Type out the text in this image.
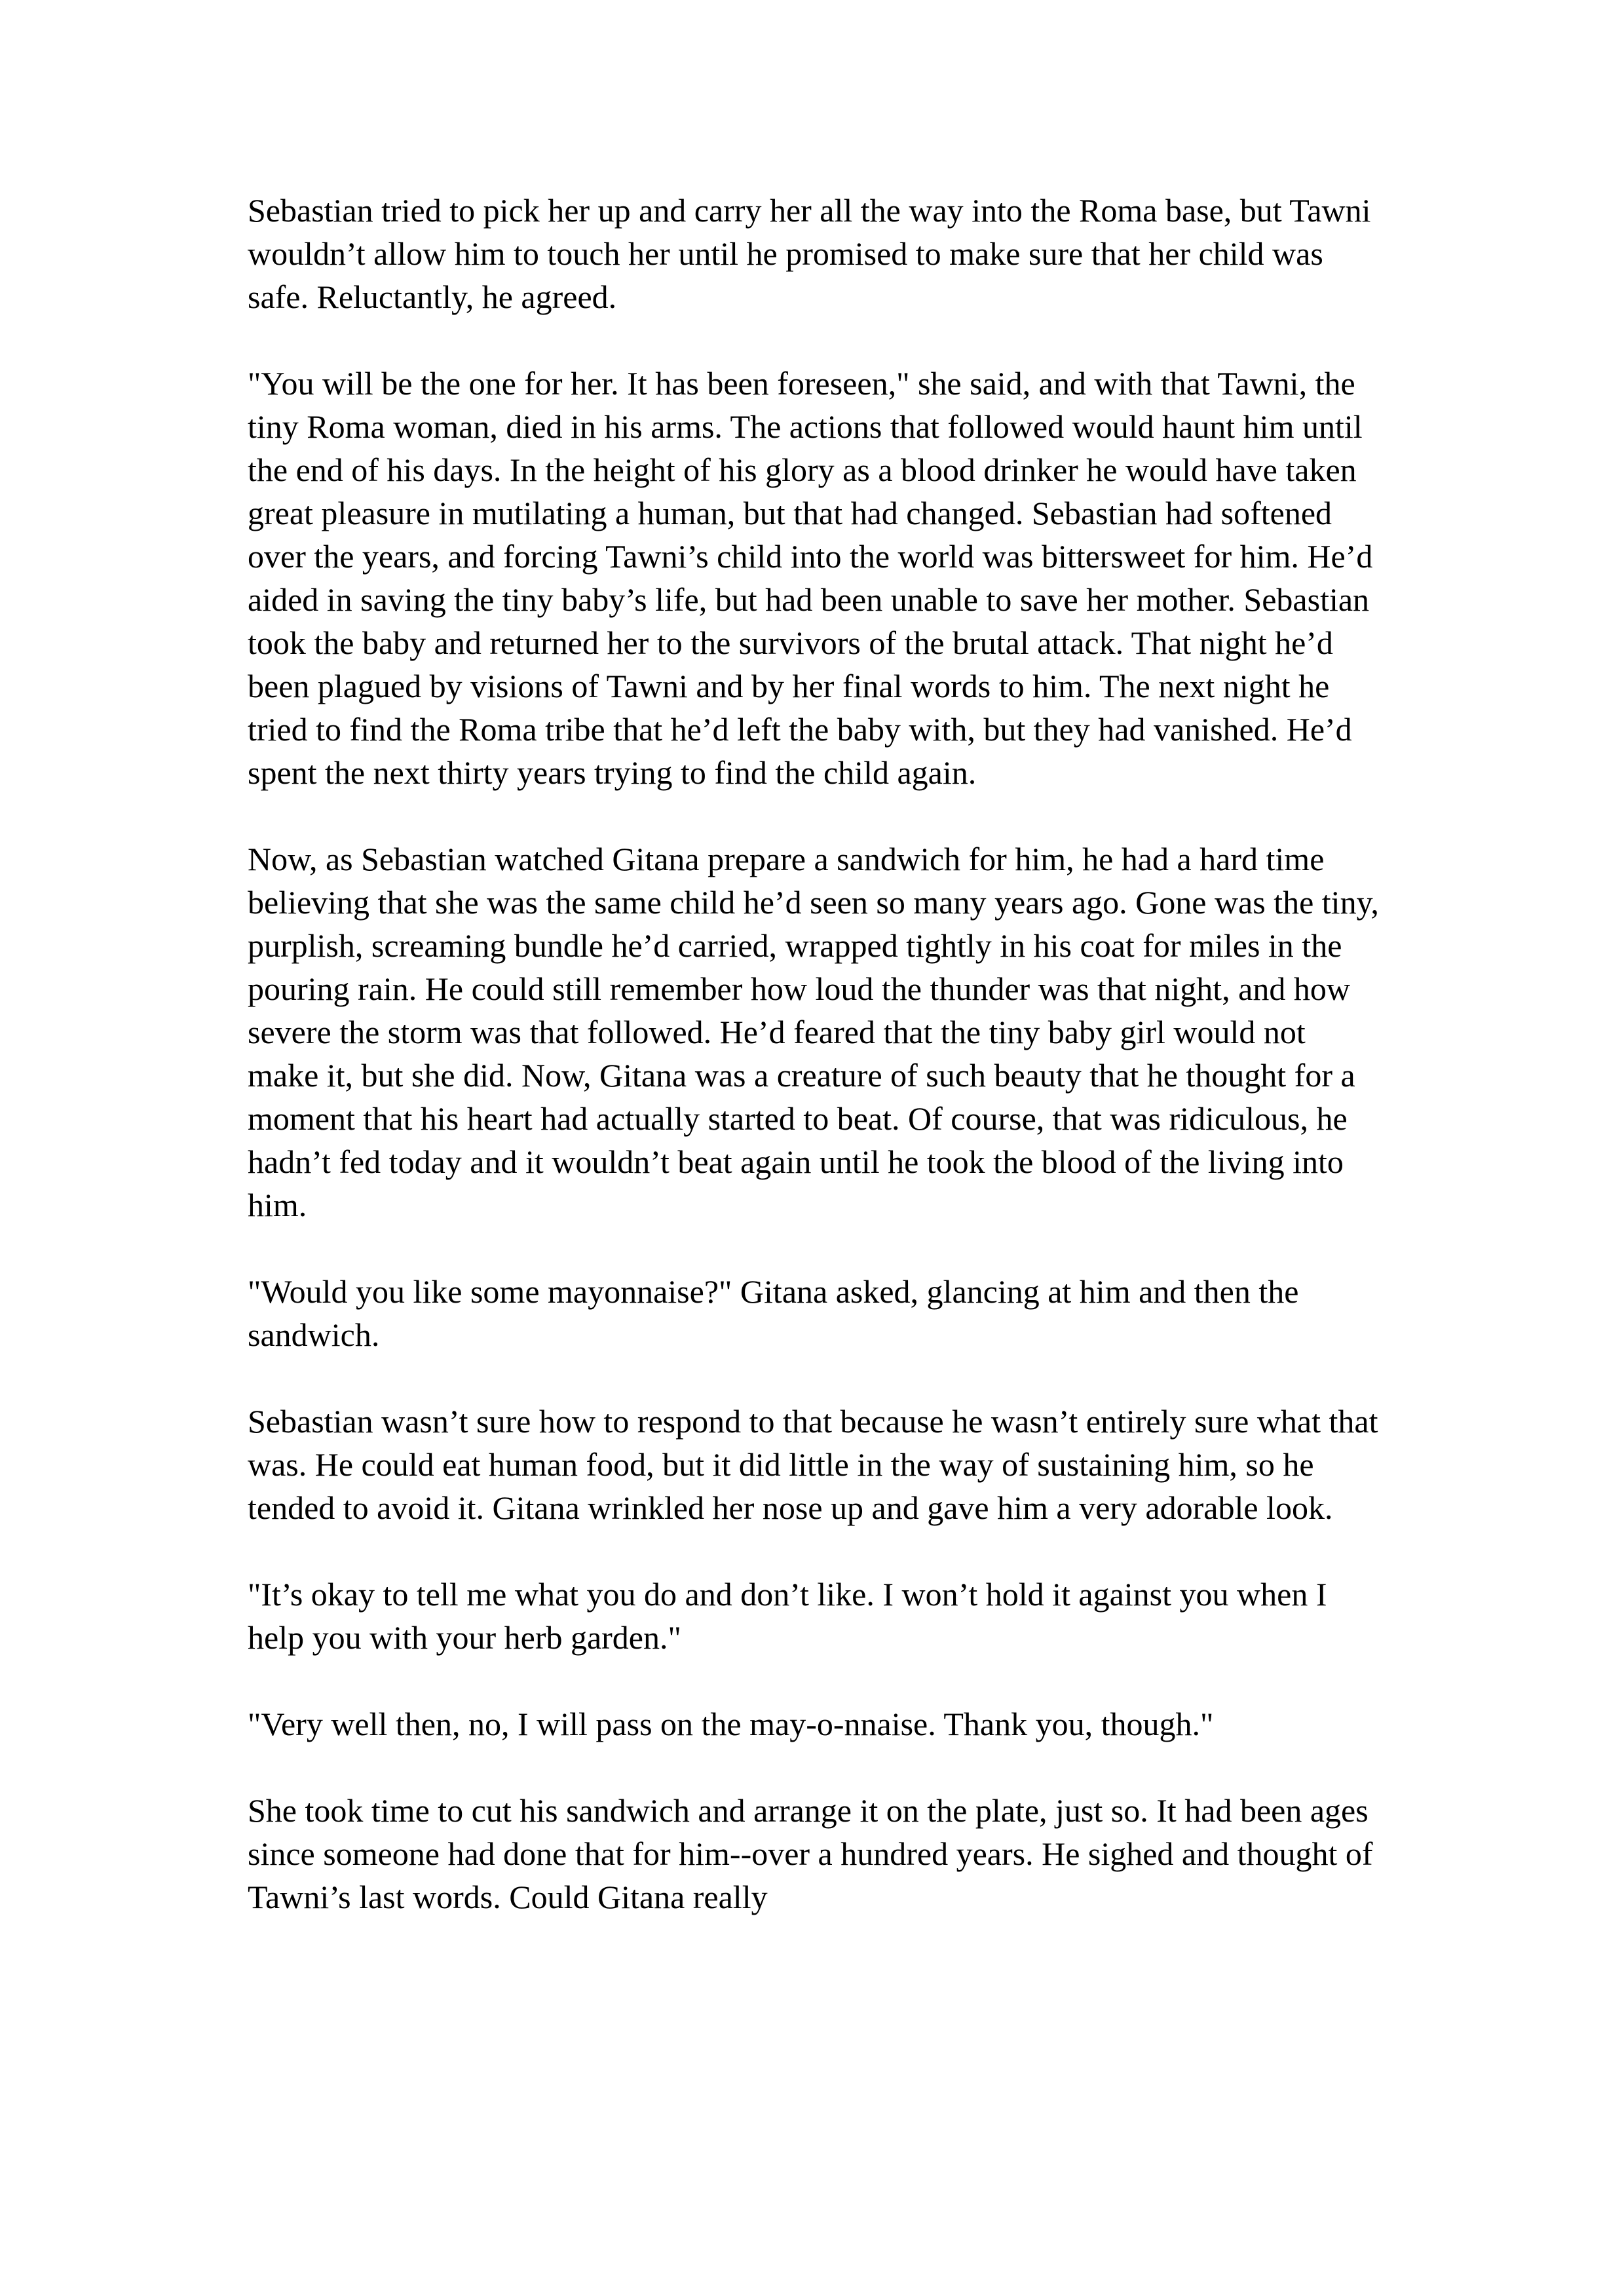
Sebastian tried to pick her up and carry her all the way into the Roma base, but Tawni wouldn’t allow him to touch her until he promised to make sure that her child was safe. Reluctantly, he agreed.

"You will be the one for her. It has been foreseen," she said, and with that Tawni, the tiny Roma woman, died in his arms. The actions that followed would haunt him until the end of his days. In the height of his glory as a blood drinker he would have taken great pleasure in mutilating a human, but that had changed. Sebastian had softened over the years, and forcing Tawni’s child into the world was bittersweet for him. He’d aided in saving the tiny baby’s life, but had been unable to save her mother. Sebastian took the baby and returned her to the survivors of the brutal attack. That night he’d been plagued by visions of Tawni and by her final words to him. The next night he tried to find the Roma tribe that he’d left the baby with, but they had vanished. He’d spent the next thirty years trying to find the child again.

Now, as Sebastian watched Gitana prepare a sandwich for him, he had a hard time believing that she was the same child he’d seen so many years ago. Gone was the tiny, purplish, screaming bundle he’d carried, wrapped tightly in his coat for miles in the pouring rain. He could still remember how loud the thunder was that night, and how severe the storm was that followed. He’d feared that the tiny baby girl would not make it, but she did. Now, Gitana was a creature of such beauty that he thought for a moment that his heart had actually started to beat. Of course, that was ridiculous, he hadn’t fed today and it wouldn’t beat again until he took the blood of the living into him.

"Would you like some mayonnaise?" Gitana asked, glancing at him and then the sandwich.

Sebastian wasn’t sure how to respond to that because he wasn’t entirely sure what that was. He could eat human food, but it did little in the way of sustaining him, so he tended to avoid it. Gitana wrinkled her nose up and gave him a very adorable look.

"It’s okay to tell me what you do and don’t like. I won’t hold it against you when I help you with your herb garden."

"Very well then, no, I will pass on the may-o-nnaise. Thank you, though."

She took time to cut his sandwich and arrange it on the plate, just so. It had been ages since someone had done that for him--over a hundred years. He sighed and thought of Tawni’s last words. Could Gitana really
